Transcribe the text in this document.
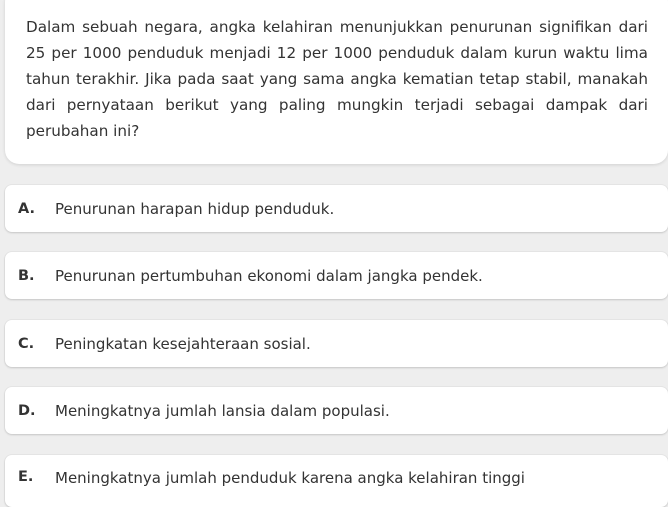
Dalam sebuah negara, angka kelahiran menunjukkan penurunan signifikan dari 25 per 1000 penduduk menjadi 12 per 1000 penduduk dalam kurun waktu lima tahun terakhir. Jika pada saat yang sama angka kematian tetap stabil, manakah dari pernyataan berikut yang paling mungkin terjadi sebagai dampak dari perubahan ini?
A. Penurunan harapan hidup penduduk.
B. Penurunan pertumbuhan ekonomi dalam jangka pendek.
C. Peningkatan kesejahteraan sosial.
D. Meningkatnya jumlah lansia dalam populasi.
E. Meningkatnya jumlah penduduk karena angka kelahiran tinggi
